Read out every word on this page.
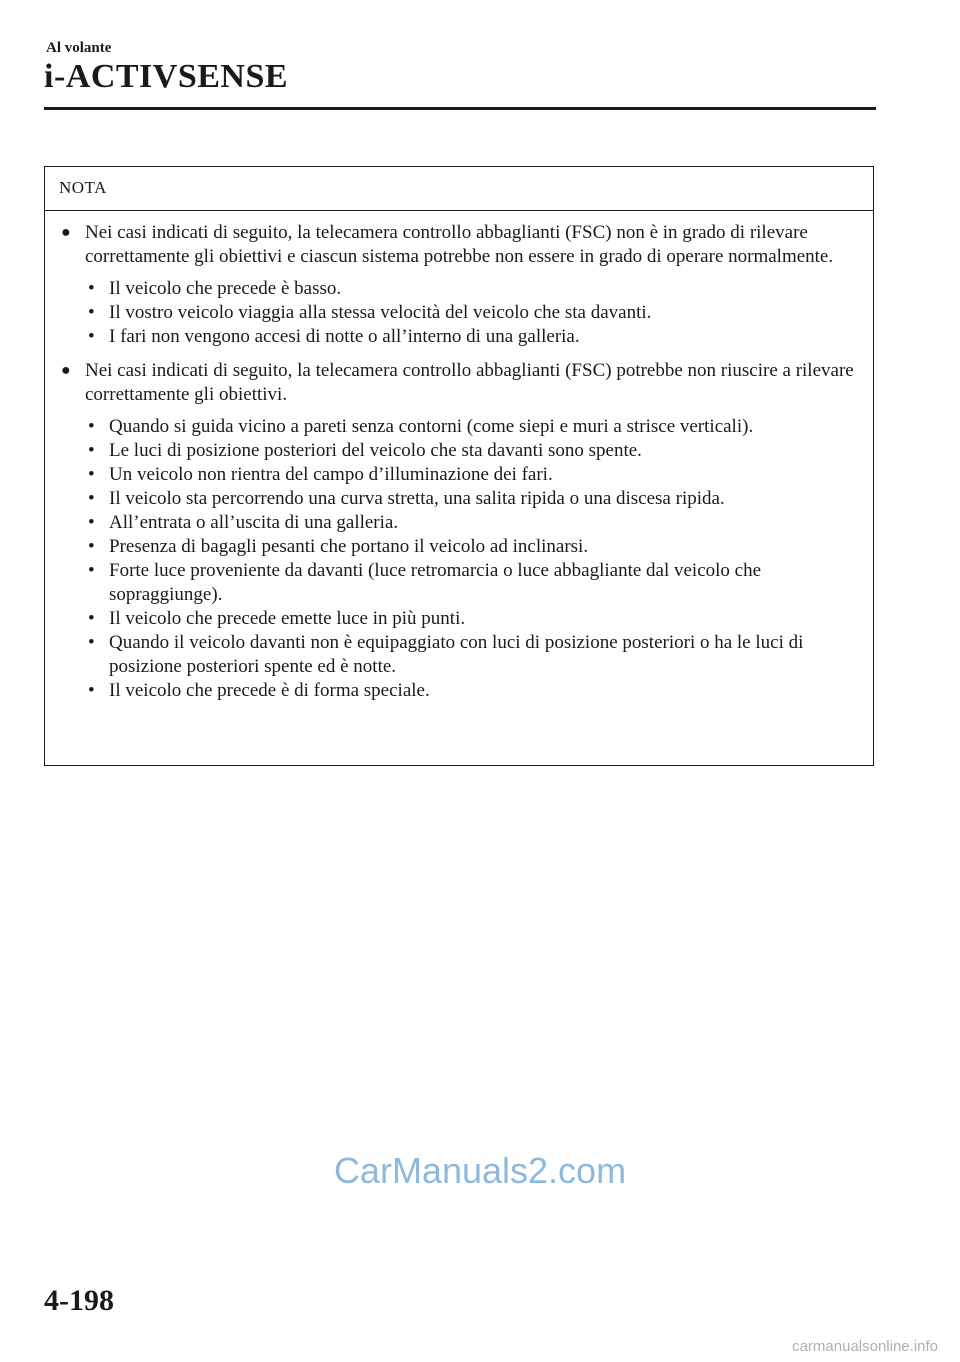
Al volante
i-ACTIVSENSE
NOTA
● Nei casi indicati di seguito, la telecamera controllo abbaglianti (FSC) non è in grado di rilevare correttamente gli obiettivi e ciascun sistema potrebbe non essere in grado di operare normalmente.
• Il veicolo che precede è basso.
• Il vostro veicolo viaggia alla stessa velocità del veicolo che sta davanti.
• I fari non vengono accesi di notte o all’interno di una galleria.
● Nei casi indicati di seguito, la telecamera controllo abbaglianti (FSC) potrebbe non riuscire a rilevare correttamente gli obiettivi.
• Quando si guida vicino a pareti senza contorni (come siepi e muri a strisce verticali).
• Le luci di posizione posteriori del veicolo che sta davanti sono spente.
• Un veicolo non rientra del campo d’illuminazione dei fari.
• Il veicolo sta percorrendo una curva stretta, una salita ripida o una discesa ripida.
• All’entrata o all’uscita di una galleria.
• Presenza di bagagli pesanti che portano il veicolo ad inclinarsi.
• Forte luce proveniente da davanti (luce retromarcia o luce abbagliante dal veicolo che sopraggiunge).
• Il veicolo che precede emette luce in più punti.
• Quando il veicolo davanti non è equipaggiato con luci di posizione posteriori o ha le luci di posizione posteriori spente ed è notte.
• Il veicolo che precede è di forma speciale.
CarManuals2.com
4-198
carmanualsonline.info
